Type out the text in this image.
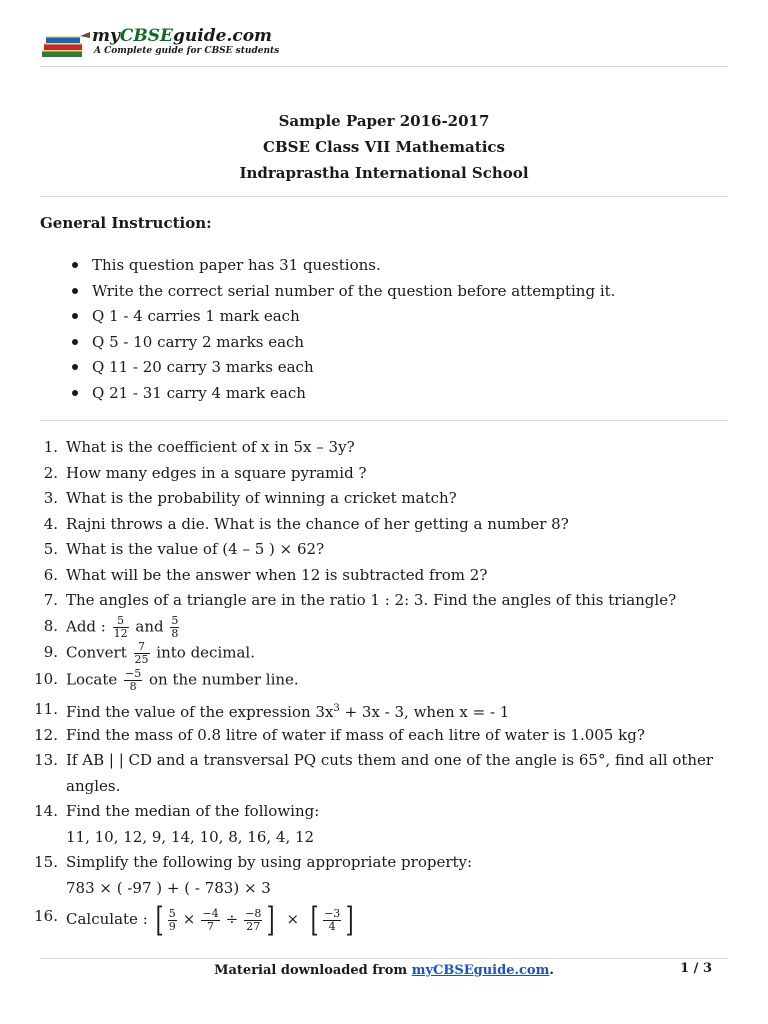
myCBSEguide.com
A Complete guide for CBSE students
Sample Paper 2016-2017
CBSE Class VII Mathematics
Indraprastha International School
General Instruction:
This question paper has 31 questions.
Write the correct serial number of the question before attempting it.
Q 1 - 4 carries 1 mark each
Q 5 - 10 carry 2 marks each
Q 11 - 20 carry 3 marks each
Q 21 - 31 carry 4 mark each
1. What is the coefficient of x in 5x – 3y?
2. How many edges in a square pyramid ?
3. What is the probability of winning a cricket match?
4. Rajni throws a die. What is the chance of her getting a number 8?
5. What is the value of (4 – 5 ) × 62?
6. What will be the answer when 12 is subtracted from 2?
7. The angles of a triangle are in the ratio 1 : 2: 3. Find the angles of this triangle?
8. Add : $\frac{5}{12}$ and $\frac{5}{8}$
9. Convert $\frac{7}{25}$ into decimal.
10. Locate $\frac{-5}{8}$ on the number line.
11. Find the value of the expression $3x^3 + 3x - 3$, when x = - 1
12. Find the mass of 0.8 litre of water if mass of each litre of water is 1.005 kg?
13. If AB | | CD and a transversal PQ cuts them and one of the angle is 65°, find all other
angles.
14. Find the median of the following:
11, 10, 12, 9, 14, 10, 8, 16, 4, 12
15. Simplify the following by using appropriate property:
783 × ( -97 ) + ( - 783) × 3
16. Calculate : [ $\frac{5}{9} \times \frac{-4}{7} \div \frac{-8}{27}$ ] × [ $\frac{-3}{4}$ ]
Material downloaded from myCBSEguide.com.	1 / 3
